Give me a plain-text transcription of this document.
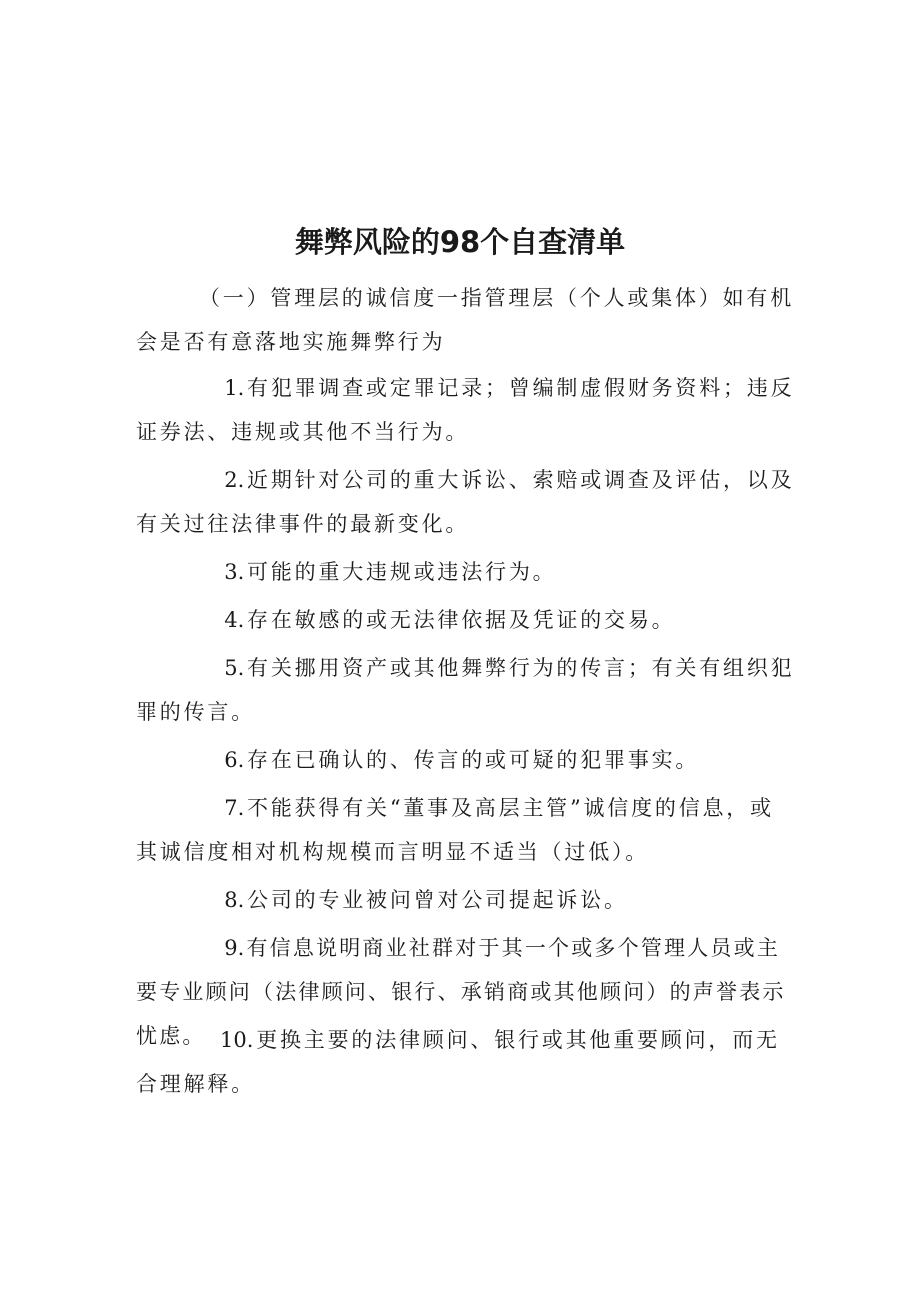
舞弊风险的98个自查清单

（一）管理层的诚信度一指管理层（个人或集体）如有机会是否有意落地实施舞弊行为

1.有犯罪调查或定罪记录；曾编制虚假财务资料；违反证券法、违规或其他不当行为。

2.近期针对公司的重大诉讼、索赔或调查及评估，以及有关过往法律事件的最新变化。

3.可能的重大违规或违法行为。

4.存在敏感的或无法律依据及凭证的交易。

5.有关挪用资产或其他舞弊行为的传言；有关有组织犯罪的传言。

6.存在已确认的、传言的或可疑的犯罪事实。

7.不能获得有关“董事及高层主管”诚信度的信息，或其诚信度相对机构规模而言明显不适当（过低）。

8.公司的专业被问曾对公司提起诉讼。

9.有信息说明商业社群对于其一个或多个管理人员或主要专业顾问（法律顾问、银行、承销商或其他顾问）的声誉表示忧虑。 10.更换主要的法律顾问、银行或其他重要顾问，而无合理解释。
